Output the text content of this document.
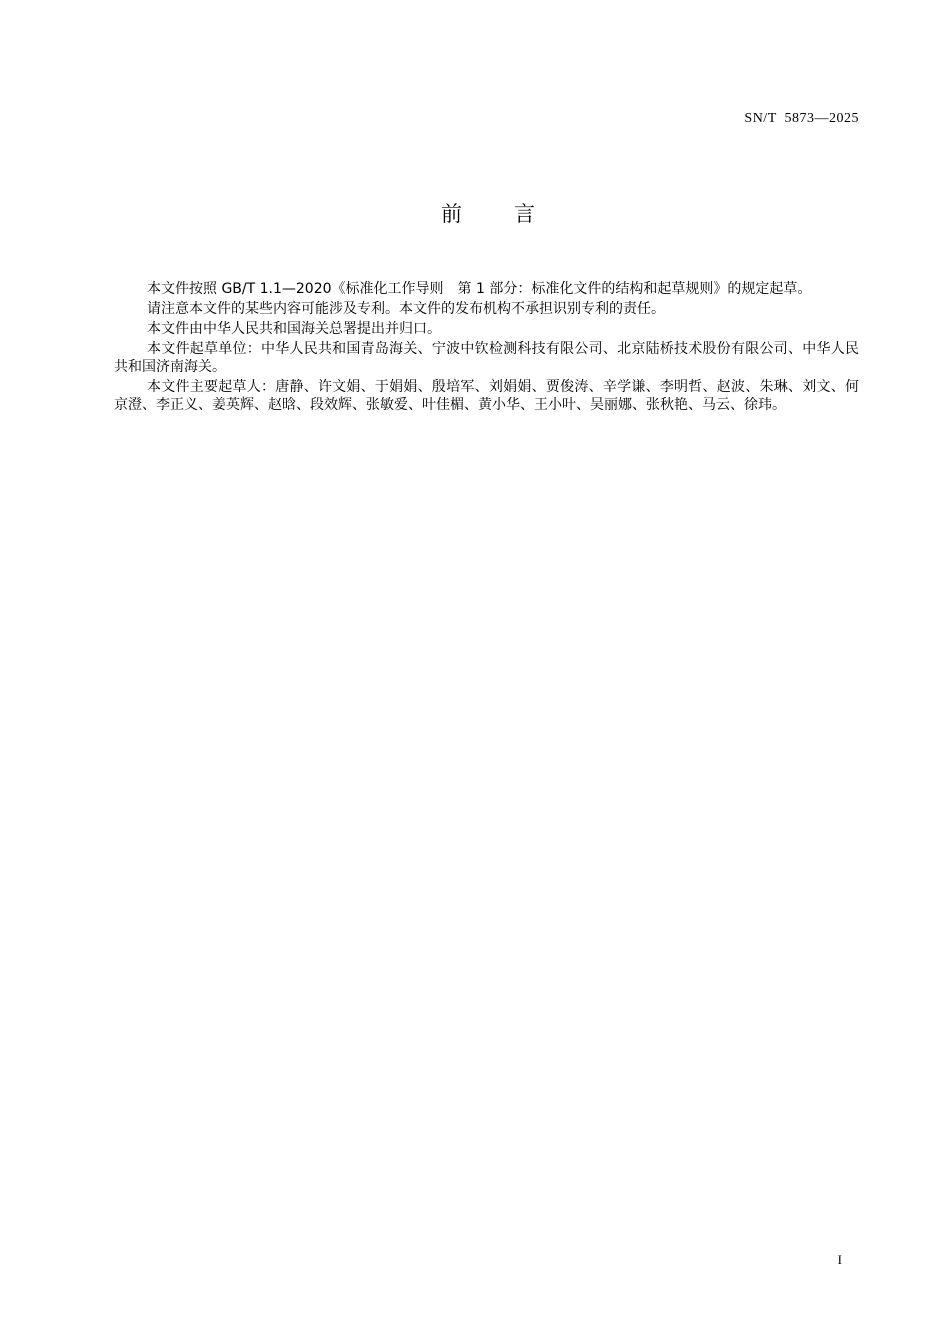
SN/T  5873—2025
前 言

本文件按照 GB/T 1.1—2020《标准化工作导则　第 1 部分：标准化文件的结构和起草规则》的规定起草。

请注意本文件的某些内容可能涉及专利。本文件的发布机构不承担识别专利的责任。

本文件由中华人民共和国海关总署提出并归口。

本文件起草单位：中华人民共和国青岛海关、宁波中钦检测科技有限公司、北京陆桥技术股份有限公司、中华人民共和国济南海关。

本文件主要起草人：唐静、许文娟、于娟娟、殷培军、刘娟娟、贾俊涛、辛学谦、李明哲、赵波、朱琳、刘文、何京澄、李正义、姜英辉、赵晗、段效辉、张敏爱、叶佳楣、黄小华、王小叶、吴丽娜、张秋艳、马云、徐玮。

I
